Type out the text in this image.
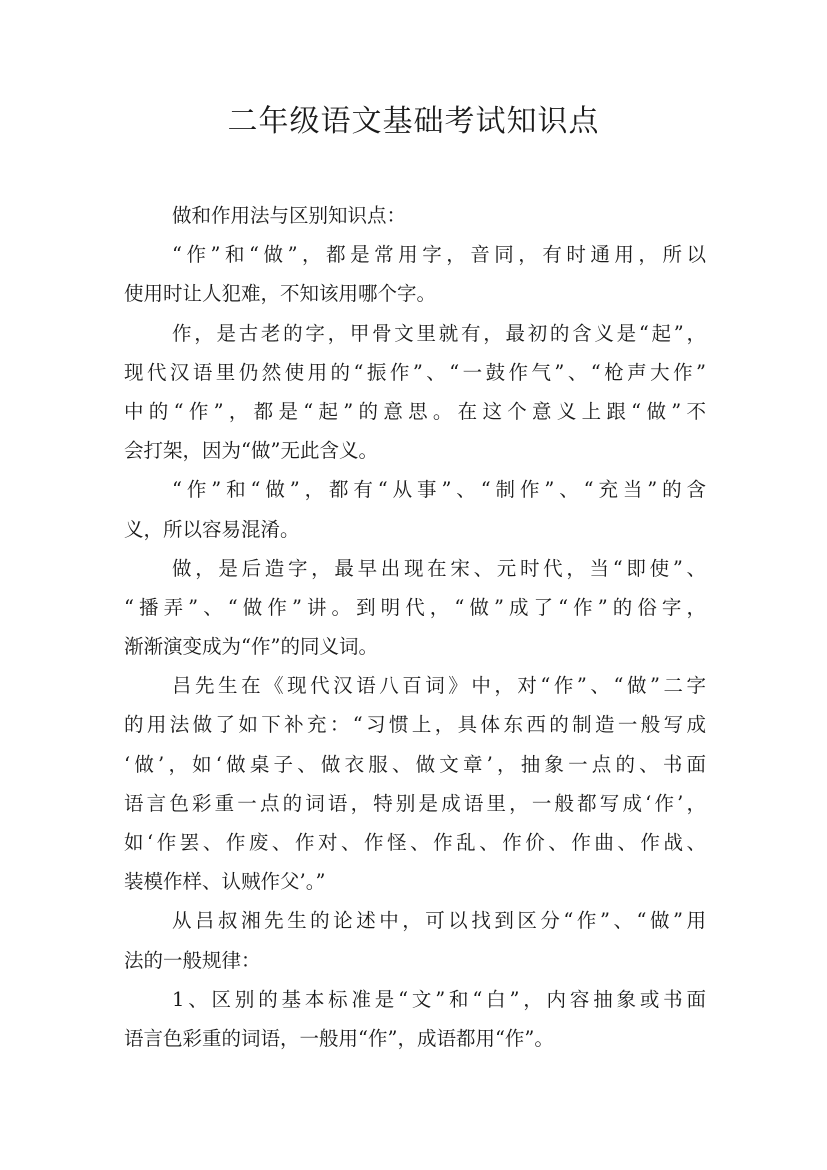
二年级语文基础考试知识点
做和作用法与区别知识点：
“作”和“做”，都是常用字，音同，有时通用，所以
使用时让人犯难，不知该用哪个字。
作，是古老的字，甲骨文里就有，最初的含义是“起”，
现代汉语里仍然使用的“振作”、“一鼓作气”、“枪声大作”
中的“作”，都是“起”的意思。在这个意义上跟“做”不
会打架，因为“做”无此含义。
“作”和“做”，都有“从事”、“制作”、“充当”的含
义，所以容易混淆。
做，是后造字，最早出现在宋、元时代，当“即使”、
“播弄”、“做作”讲。到明代，“做”成了“作”的俗字，
渐渐演变成为“作”的同义词。
吕先生在《现代汉语八百词》中，对“作”、“做”二字
的用法做了如下补充：“习惯上，具体东西的制造一般写成
‘做’，如‘做桌子、做衣服、做文章’，抽象一点的、书面
语言色彩重一点的词语，特别是成语里，一般都写成‘作’，
如‘作罢、作废、作对、作怪、作乱、作价、作曲、作战、
装模作样、认贼作父’。”
从吕叔湘先生的论述中，可以找到区分“作”、“做”用
法的一般规律：
1、区别的基本标准是“文”和“白”，内容抽象或书面
语言色彩重的词语，一般用“作”，成语都用“作”。
